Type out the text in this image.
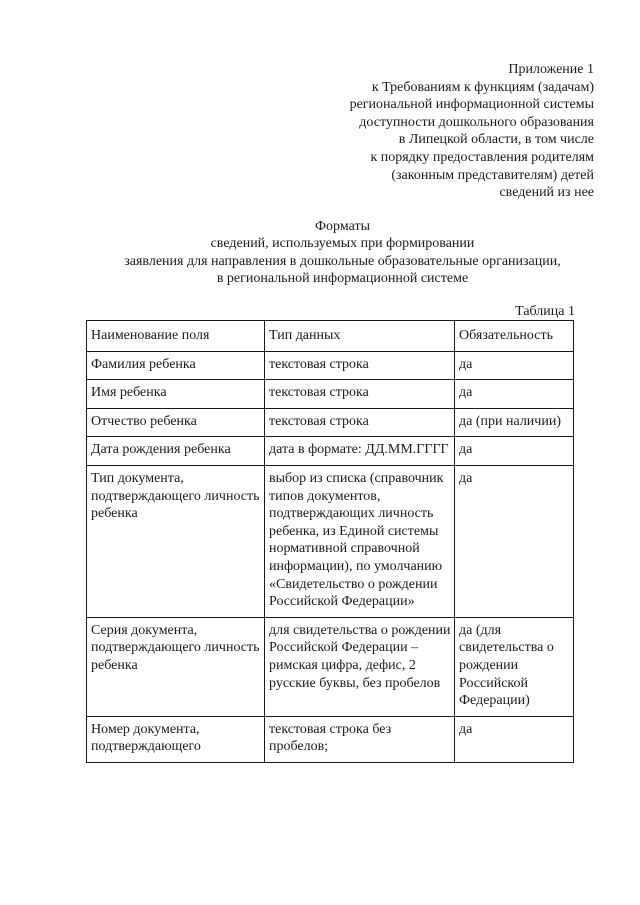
Приложение 1
к Требованиям к функциям (задачам)
региональной информационной системы
доступности дошкольного образования
в Липецкой области, в том числе
к порядку предоставления родителям
(законным представителям) детей
сведений из нее
Форматы
сведений, используемых при формировании
заявления для направления в дошкольные образовательные организации,
в региональной информационной системе
Таблица 1
Наименование поля	Тип данных	Обязательность
Фамилия ребенка	текстовая строка	да
Имя ребенка	текстовая строка	да
Отчество ребенка	текстовая строка	да (при наличии)
Дата рождения ребенка	дата в формате: ДД.ММ.ГГГГ	да
Тип документа, подтверждающего личность ребенка	выбор из списка (справочник типов документов, подтверждающих личность ребенка, из Единой системы нормативной справочной информации), по умолчанию «Свидетельство о рождении Российской Федерации»	да
Серия документа, подтверждающего личность ребенка	для свидетельства о рождении Российской Федерации – римская цифра, дефис, 2 русские буквы, без пробелов	да (для свидетельства о рождении Российской Федерации)
Номер документа, подтверждающего	текстовая строка без пробелов;	да
